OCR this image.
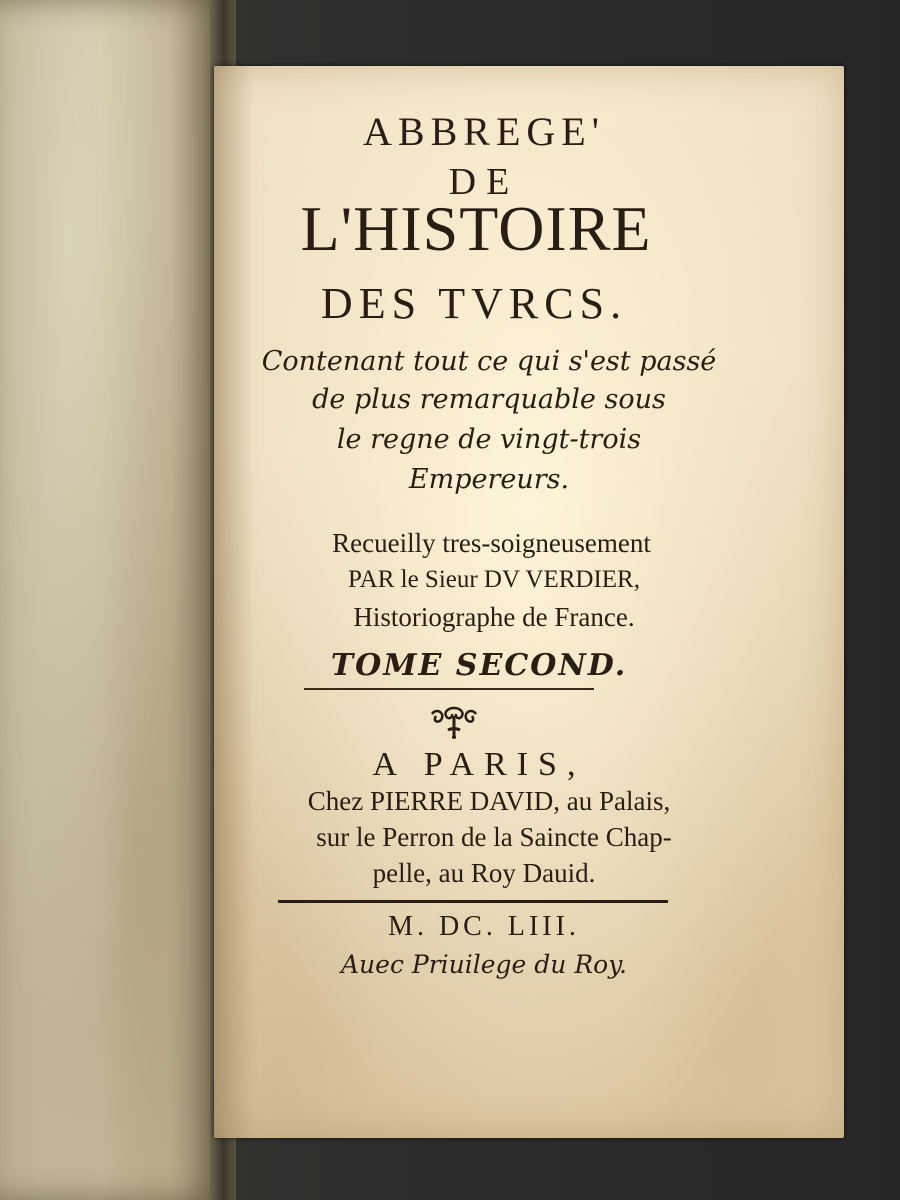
ABBREGE'
DE
L'HISTOIRE
DES TVRCS.
Contenant tout ce qui s'est passé
de plus remarquable sous
le regne de vingt-trois
Empereurs.
Recueilly tres-soigneusement
PAR le Sieur DV VERDIER,
Historiographe de France.
TOME SECOND.
A PARIS,
Chez PIERRE DAVID, au Palais,
sur le Perron de la Saincte Chap-
pelle, au Roy Dauid.
M. DC. LIII.
Auec Priuilege du Roy.
